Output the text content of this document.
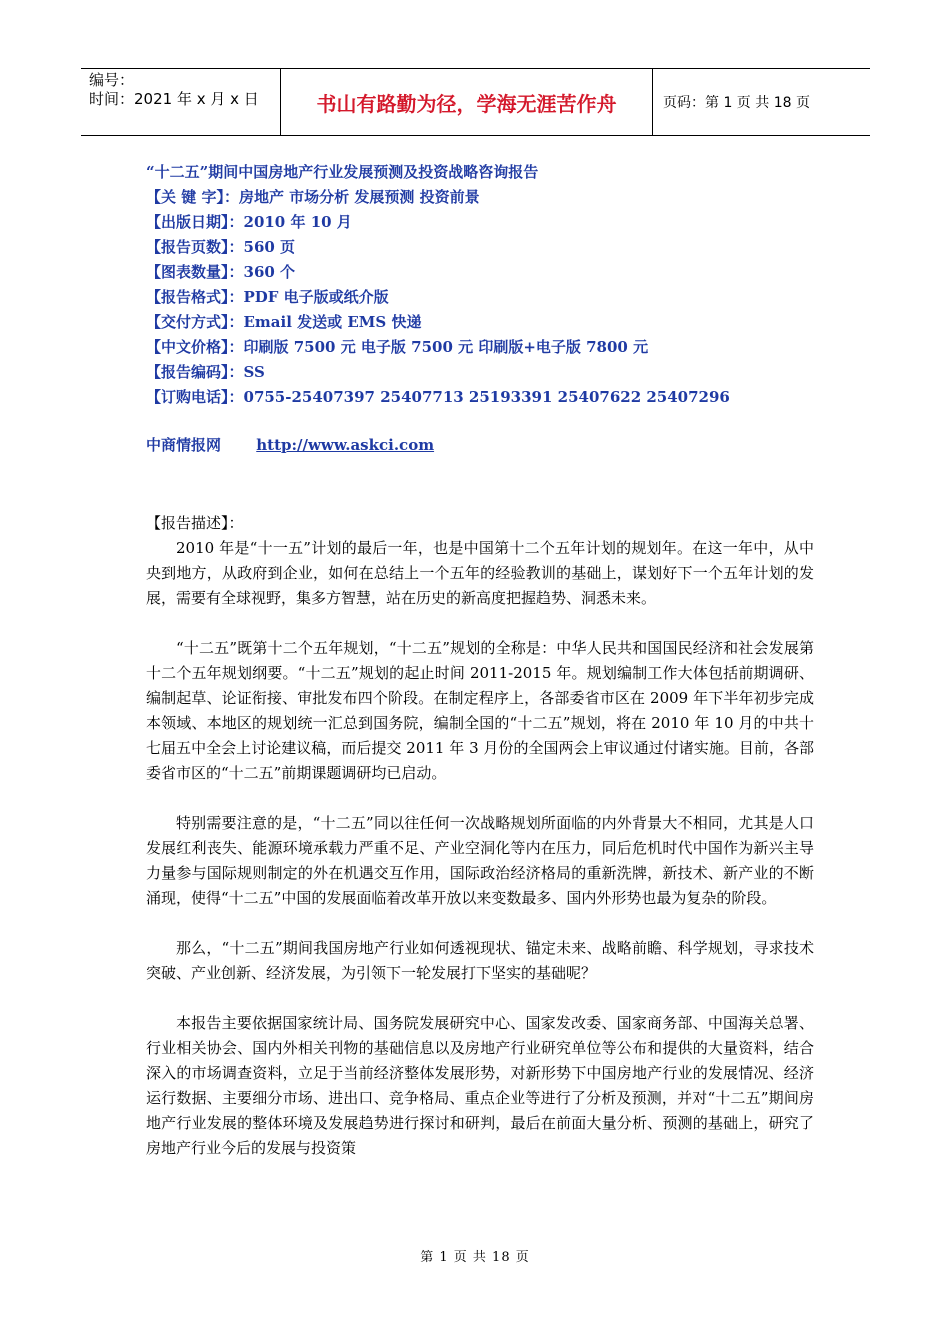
编号：
时间：2021 年 x 月 x 日	书山有路勤为径，学海无涯苦作舟	页码：第 1 页 共 18 页
“十二五”期间中国房地产行业发展预测及投资战略咨询报告
【关 键 字】：房地产 市场分析 发展预测 投资前景
【出版日期】：2010 年 10 月
【报告页数】：560 页
【图表数量】：360 个
【报告格式】：PDF 电子版或纸介版
【交付方式】：Email 发送或 EMS 快递
【中文价格】：印刷版 7500 元 电子版 7500 元 印刷版+电子版 7800 元
【报告编码】：SS
【订购电话】：0755-25407397 25407713 25193391 25407622 25407296
中商情报网 http://www.askci.com

【报告描述】：

2010 年是“十一五”计划的最后一年，也是中国第十二个五年计划的规划年。在这一年中，从中央到地方，从政府到企业，如何在总结上一个五年的经验教训的基础上，谋划好下一个五年计划的发展，需要有全球视野，集多方智慧，站在历史的新高度把握趋势、洞悉未来。

“十二五”既第十二个五年规划，“十二五”规划的全称是：中华人民共和国国民经济和社会发展第十二个五年规划纲要。“十二五”规划的起止时间 2011-2015 年。规划编制工作大体包括前期调研、编制起草、论证衔接、审批发布四个阶段。在制定程序上，各部委省市区在 2009 年下半年初步完成本领域、本地区的规划统一汇总到国务院，编制全国的“十二五”规划，将在 2010 年 10 月的中共十七届五中全会上讨论建议稿，而后提交 2011 年 3 月份的全国两会上审议通过付诸实施。目前，各部委省市区的“十二五”前期课题调研均已启动。

特别需要注意的是，“十二五”同以往任何一次战略规划所面临的内外背景大不相同，尤其是人口发展红利丧失、能源环境承载力严重不足、产业空洞化等内在压力，同后危机时代中国作为新兴主导力量参与国际规则制定的外在机遇交互作用，国际政治经济格局的重新洗牌，新技术、新产业的不断涌现，使得“十二五”中国的发展面临着改革开放以来变数最多、国内外形势也最为复杂的阶段。

那么，“十二五”期间我国房地产行业如何透视现状、锚定未来、战略前瞻、科学规划，寻求技术突破、产业创新、经济发展，为引领下一轮发展打下坚实的基础呢？

本报告主要依据国家统计局、国务院发展研究中心、国家发改委、国家商务部、中国海关总署、行业相关协会、国内外相关刊物的基础信息以及房地产行业研究单位等公布和提供的大量资料，结合深入的市场调查资料，立足于当前经济整体发展形势，对新形势下中国房地产行业的发展情况、经济运行数据、主要细分市场、进出口、竞争格局、重点企业等进行了分析及预测，并对“十二五”期间房地产行业发展的整体环境及发展趋势进行探讨和研判，最后在前面大量分析、预测的基础上，研究了房地产行业今后的发展与投资策

第 1 页 共 18 页
